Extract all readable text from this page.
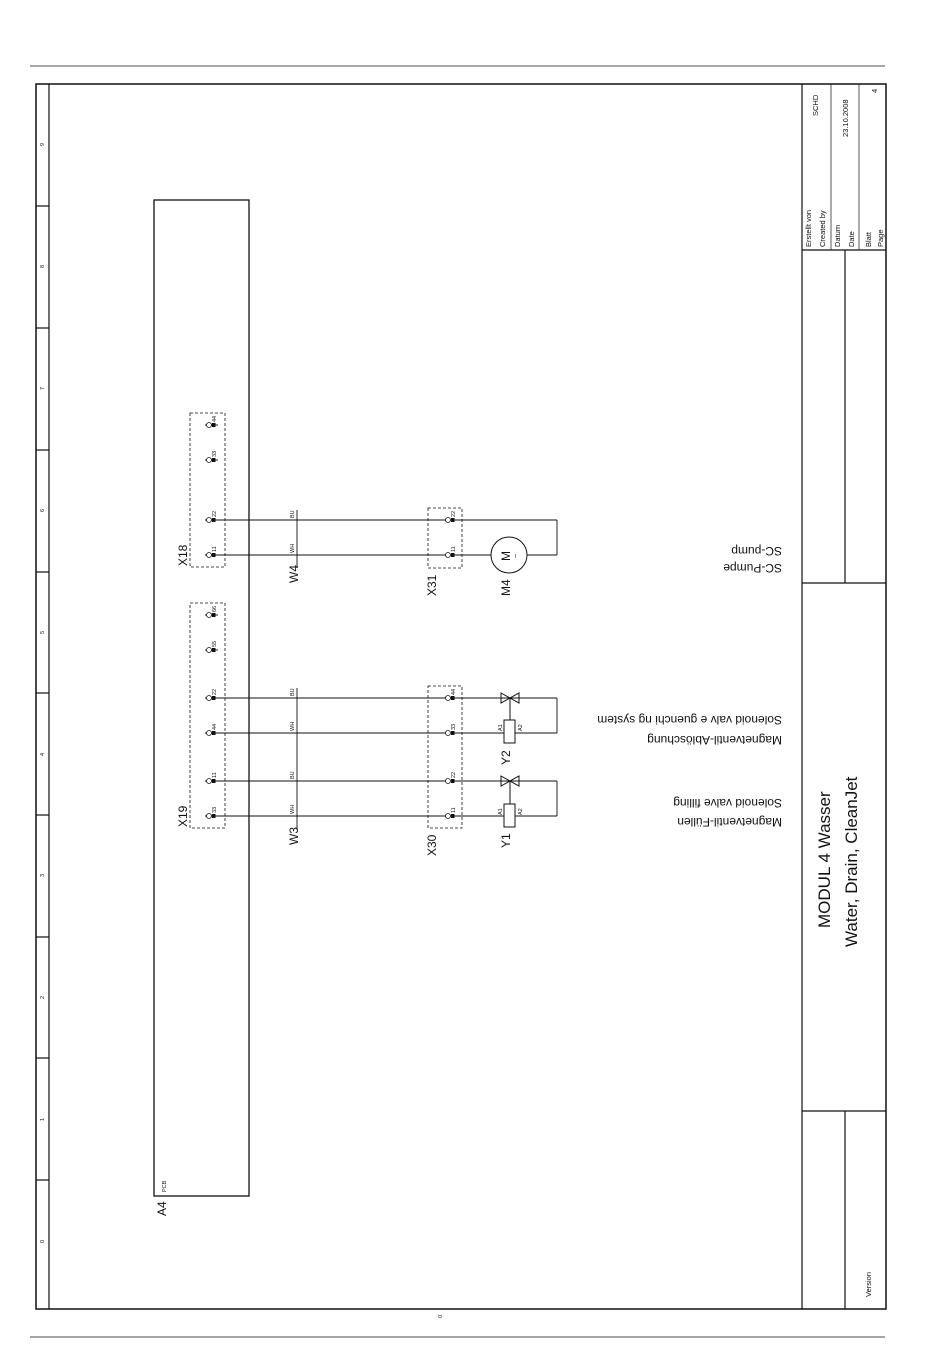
0
1
2
3
4
5
6
7
8
9
0
A4
PCB
X18	11
22
33
44
X19	33
11
44
22
55
66
W4
WH
BU
W3
WH
BU
WH
BU
X31
11
22
X30
11
22
33
44
M
~
M4
A1	A2
Y2
A1	A2
Y1
SC-Pumpe
SC-pump
Magnetventil-Ablöschung
Solenoid valv e guenchi ng system
Magnetventil-Füllen
Solenoid valve filling
Erstellt von Created by
SCHD
Datum Date
23.10.2008
Blatt Page
4
Version
MODUL 4 Wasser Water, Drain, CleanJet
